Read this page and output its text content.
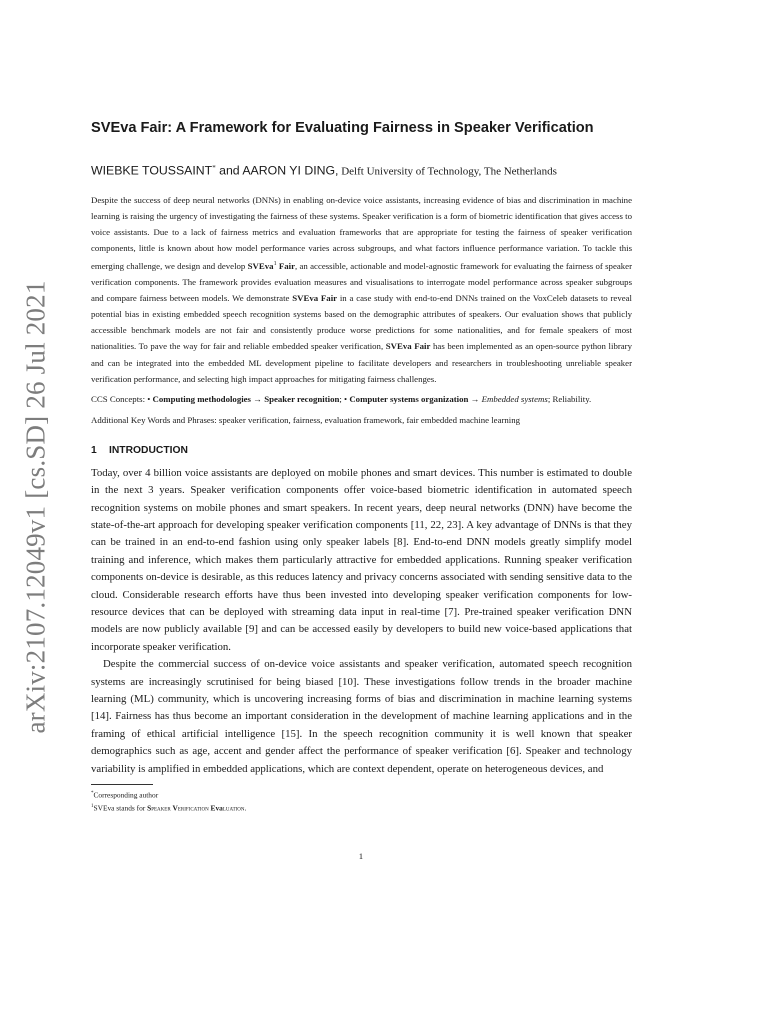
arXiv:2107.12049v1 [cs.SD] 26 Jul 2021
SVEva Fair: A Framework for Evaluating Fairness in Speaker Verification
WIEBKE TOUSSAINT* and AARON YI DING, Delft University of Technology, The Netherlands
Despite the success of deep neural networks (DNNs) in enabling on-device voice assistants, increasing evidence of bias and discrimination in machine learning is raising the urgency of investigating the fairness of these systems. Speaker verification is a form of biometric identification that gives access to voice assistants. Due to a lack of fairness metrics and evaluation frameworks that are appropriate for testing the fairness of speaker verification components, little is known about how model performance varies across subgroups, and what factors influence performance variation. To tackle this emerging challenge, we design and develop SVEva$^1$ Fair, an accessible, actionable and model-agnostic framework for evaluating the fairness of speaker verification components. The framework provides evaluation measures and visualisations to interrogate model performance across speaker subgroups and compare fairness between models. We demonstrate SVEva Fair in a case study with end-to-end DNNs trained on the VoxCeleb datasets to reveal potential bias in existing embedded speech recognition systems based on the demographic attributes of speakers. Our evaluation shows that publicly accessible benchmark models are not fair and consistently produce worse predictions for some nationalities, and for female speakers of most nationalities. To pave the way for fair and reliable embedded speaker verification, SVEva Fair has been implemented as an open-source python library and can be integrated into the embedded ML development pipeline to facilitate developers and researchers in troubleshooting unreliable speaker verification performance, and selecting high impact approaches for mitigating fairness challenges.
CCS Concepts: • Computing methodologies → Speaker recognition; • Computer systems organization → Embedded systems; Reliability.
Additional Key Words and Phrases: speaker verification, fairness, evaluation framework, fair embedded machine learning
1 INTRODUCTION

Today, over 4 billion voice assistants are deployed on mobile phones and smart devices. This number is estimated to double in the next 3 years. Speaker verification components offer voice-based biometric identification in automated speech recognition systems on mobile phones and smart speakers. In recent years, deep neural networks (DNN) have become the state-of-the-art approach for developing speaker verification components [11, 22, 23]. A key advantage of DNNs is that they can be trained in an end-to-end fashion using only speaker labels [8]. End-to-end DNN models greatly simplify model training and inference, which makes them particularly attractive for embedded applications. Running speaker verification components on-device is desirable, as this reduces latency and privacy concerns associated with sending sensitive data to the cloud. Considerable research efforts have thus been invested into developing speaker verification components for low-resource devices that can be deployed with streaming data input in real-time [7]. Pre-trained speaker verification DNN models are now publicly available [9] and can be accessed easily by developers to build new voice-based applications that incorporate speaker verification.

Despite the commercial success of on-device voice assistants and speaker verification, automated speech recognition systems are increasingly scrutinised for being biased [10]. These investigations follow trends in the broader machine learning (ML) community, which is uncovering increasing forms of bias and discrimination in machine learning systems [14]. Fairness has thus become an important consideration in the development of machine learning applications and in the framing of ethical artificial intelligence [15]. In the speech recognition community it is well known that speaker demographics such as age, accent and gender affect the performance of speaker verification [6]. Speaker and technology variability is amplified in embedded applications, which are context dependent, operate on heterogeneous devices, and

*Corresponding author
$^1$SVEva stands for Speaker Verification Evaluation.
1
